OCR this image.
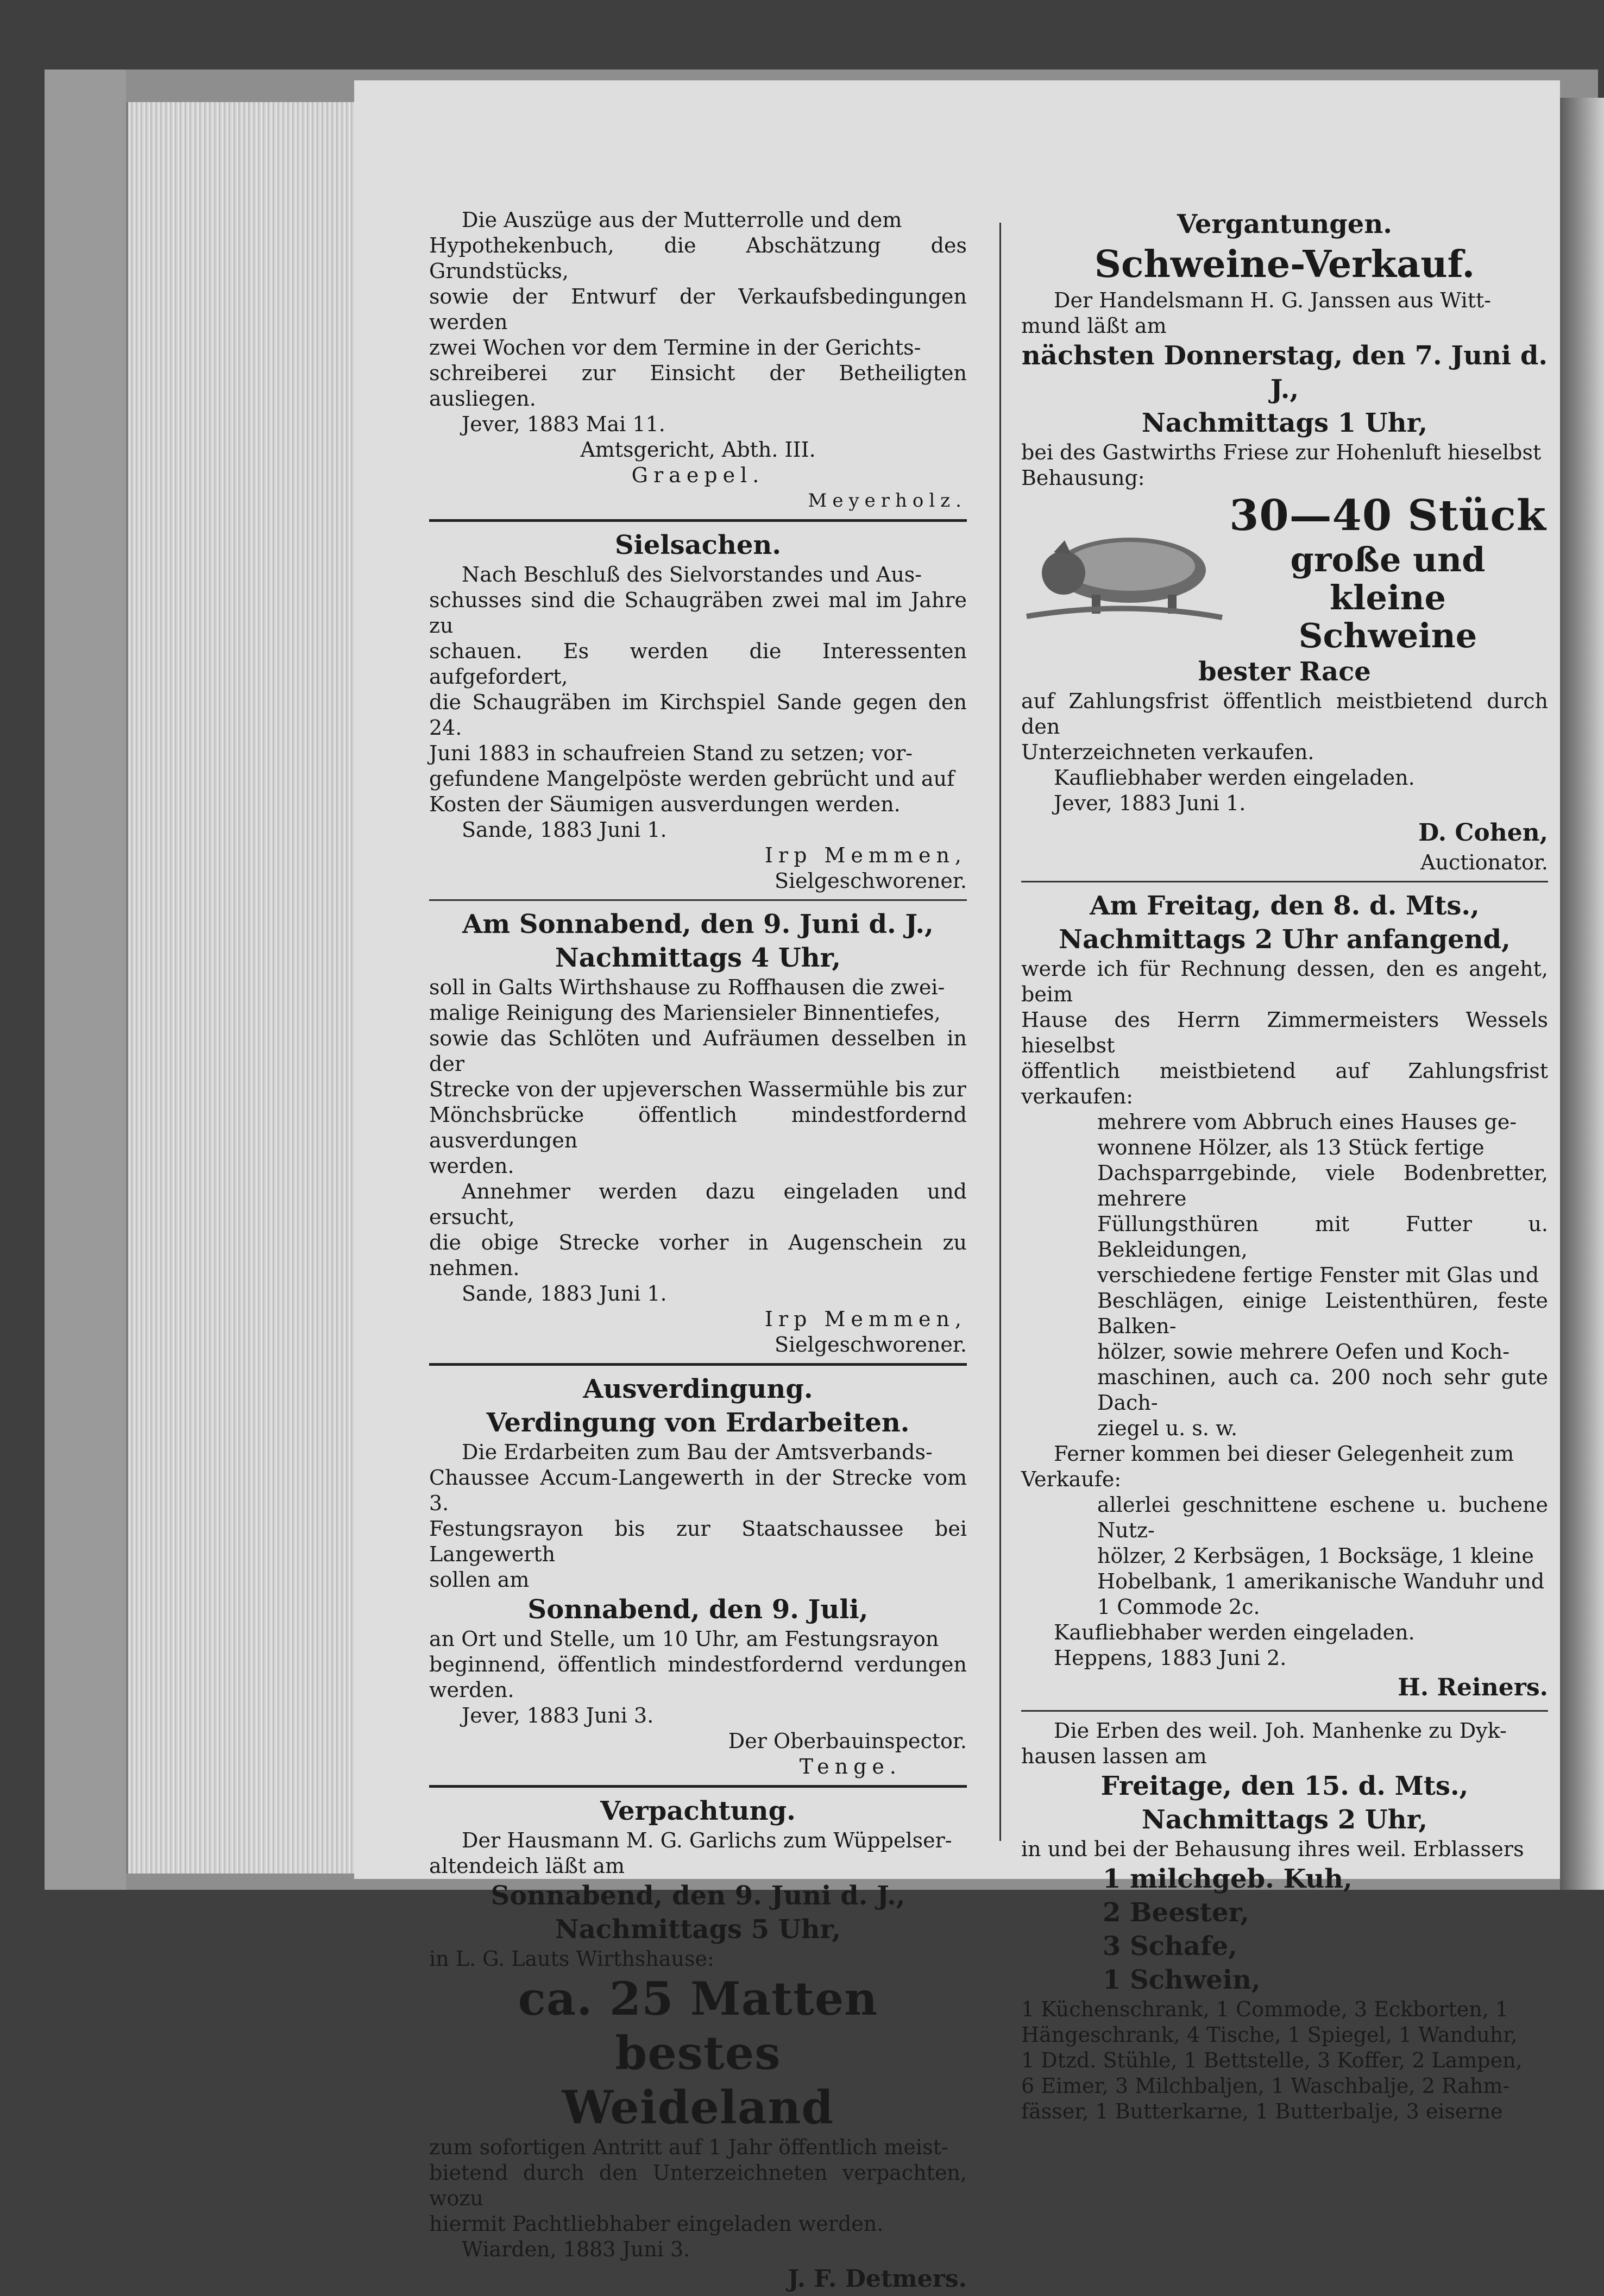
Die Auszüge aus der Mutterrolle und dem

Hypothekenbuch, die Abschätzung des Grundstücks,

sowie der Entwurf der Verkaufsbedingungen werden

zwei Wochen vor dem Termine in der Gerichts-

schreiberei zur Einsicht der Betheiligten ausliegen.

Jever, 1883 Mai 11.

Amtsgericht, Abth. III.

Graepel.

Meyerholz.

Sielsachen.

Nach Beschluß des Sielvorstandes und Aus-

schusses sind die Schaugräben zwei mal im Jahre zu

schauen. Es werden die Interessenten aufgefordert,

die Schaugräben im Kirchspiel Sande gegen den 24.

Juni 1883 in schaufreien Stand zu setzen; vor-

gefundene Mangelpöste werden gebrücht und auf

Kosten der Säumigen ausverdungen werden.

Sande, 1883 Juni 1.

Irp Memmen,

Sielgeschworener.

Am Sonnabend, den 9. Juni d. J.,

Nachmittags 4 Uhr,

soll in Galts Wirthshause zu Roffhausen die zwei-

malige Reinigung des Mariensieler Binnentiefes,

sowie das Schlöten und Aufräumen desselben in der

Strecke von der upjeverschen Wassermühle bis zur

Mönchsbrücke öffentlich mindestfordernd ausverdungen

werden.

Annehmer werden dazu eingeladen und ersucht,

die obige Strecke vorher in Augenschein zu nehmen.

Sande, 1883 Juni 1.

Irp Memmen,

Sielgeschworener.

Ausverdingung.

Verdingung von Erdarbeiten.

Die Erdarbeiten zum Bau der Amtsverbands-

Chaussee Accum-Langewerth in der Strecke vom 3.

Festungsrayon bis zur Staatschaussee bei Langewerth

sollen am

Sonnabend, den 9. Juli,

an Ort und Stelle, um 10 Uhr, am Festungsrayon

beginnend, öffentlich mindestfordernd verdungen werden.

Jever, 1883 Juni 3.

Der Oberbauinspector.

Tenge.

Verpachtung.

Der Hausmann M. G. Garlichs zum Wüppelser-

altendeich läßt am

Sonnabend, den 9. Juni d. J.,

Nachmittags 5 Uhr,

in L. G. Lauts Wirthshause:

ca. 25 Matten bestes

Weideland

zum sofortigen Antritt auf 1 Jahr öffentlich meist-

bietend durch den Unterzeichneten verpachten, wozu

hiermit Pachtliebhaber eingeladen werden.

Wiarden, 1883 Juni 3.

J. F. Detmers.

Vergantungen.

Schweine-Verkauf.

Der Handelsmann H. G. Janssen aus Witt-

mund läßt am

nächsten Donnerstag, den 7. Juni d. J.,

Nachmittags 1 Uhr,

bei des Gastwirths Friese zur Hohenluft hieselbst

Behausung:

30—40 Stück

große und kleine

Schweine

bester Race

auf Zahlungsfrist öffentlich meistbietend durch den

Unterzeichneten verkaufen.

Kaufliebhaber werden eingeladen.

Jever, 1883 Juni 1.

D. Cohen,

Auctionator.

Am Freitag, den 8. d. Mts.,

Nachmittags 2 Uhr anfangend,

werde ich für Rechnung dessen, den es angeht, beim

Hause des Herrn Zimmermeisters Wessels hieselbst

öffentlich meistbietend auf Zahlungsfrist verkaufen:

mehrere vom Abbruch eines Hauses ge-

wonnene Hölzer, als 13 Stück fertige

Dachsparrgebinde, viele Bodenbretter, mehrere

Füllungsthüren mit Futter u. Bekleidungen,

verschiedene fertige Fenster mit Glas und

Beschlägen, einige Leistenthüren, feste Balken-

hölzer, sowie mehrere Oefen und Koch-

maschinen, auch ca. 200 noch sehr gute Dach-

ziegel u. s. w.

Ferner kommen bei dieser Gelegenheit zum

Verkaufe:

allerlei geschnittene eschene u. buchene Nutz-

hölzer, 2 Kerbsägen, 1 Bocksäge, 1 kleine

Hobelbank, 1 amerikanische Wanduhr und

1 Commode 2c.

Kaufliebhaber werden eingeladen.

Heppens, 1883 Juni 2.

H. Reiners.

Die Erben des weil. Joh. Manhenke zu Dyk-

hausen lassen am

Freitage, den 15. d. Mts.,

Nachmittags 2 Uhr,

in und bei der Behausung ihres weil. Erblassers

1 milchgeb. Kuh,

2 Beester,

3 Schafe,

1 Schwein,

1 Küchenschrank, 1 Commode, 3 Eckborten, 1

Hängeschrank, 4 Tische, 1 Spiegel, 1 Wanduhr,

1 Dtzd. Stühle, 1 Bettstelle, 3 Koffer, 2 Lampen,

6 Eimer, 3 Milchbaljen, 1 Waschbalje, 2 Rahm-

fässer, 1 Butterkarne, 1 Butterbalje, 3 eiserne
